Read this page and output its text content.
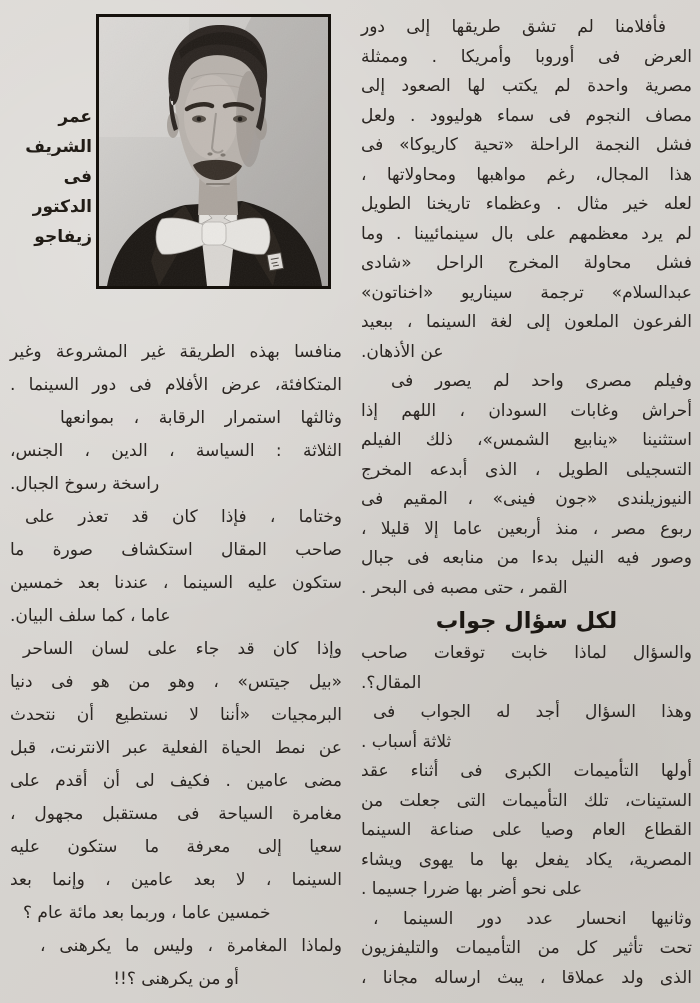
عمر
الشريف
فى
الدكتور
زيفاجو
منافسا بهذه الطريقة غير المشروعة وغير
المتكافئة، عرض الأفلام فى دور السينما .
وثالثها استمرار الرقابة ، بموانعها
الثلاثة : السياسة ، الدين ، الجنس،
راسخة رسوخ الجبال.
وختاما ، فإذا كان قد تعذر على
صاحب المقال استكشاف صورة ما
ستكون عليه السينما ، عندنا بعد خمسين
عاما ، كما سلف البيان.
وإذا كان قد جاء على لسان الساحر
«بيل جيتس» ، وهو من هو فى دنيا
البرمجيات «أننا لا نستطيع أن نتحدث
عن نمط الحياة الفعلية عبر الانترنت، قبل
مضى عامين . فكيف لى أن أقدم على
مغامرة السياحة فى مستقبل مجهول ،
سعيا إلى معرفة ما ستكون عليه
السينما ، لا بعد عامين ، وإنما بعد
خمسين عاما ، وربما بعد مائة عام ؟
ولماذا المغامرة ، وليس ما يكرهنى ،
أو من يكرهنى ؟!!
فأفلامنا لم تشق طريقها إلى دور
العرض فى أوروبا وأمريكا . وممثلة
مصرية واحدة لم يكتب لها الصعود إلى
مصاف النجوم فى سماء هوليوود . ولعل
فشل النجمة الراحلة «تحية كاريوكا» فى
هذا المجال، رغم مواهبها ومحاولاتها ،
لعله خير مثال . وعظماء تاريخنا الطويل
لم يرد معظمهم على بال سينمائيينا . وما
فشل محاولة المخرج الراحل «شادى
عبدالسلام» ترجمة سيناريو «اخناتون»
الفرعون الملعون إلى لغة السينما ، ببعيد
عن الأذهان.
وفيلم مصرى واحد لم يصور فى
أحراش وغابات السودان ، اللهم إذا
استثنينا «ينابيع الشمس»، ذلك الفيلم
التسجيلى الطويل ، الذى أبدعه المخرج
النيوزيلندى «جون فينى» ، المقيم فى
ربوع مصر ، منذ أربعين عاما إلا قليلا ،
وصور فيه النيل بدءا من منابعه فى جبال
القمر ، حتى مصبه فى البحر .
لكل سؤال جواب
والسؤال لماذا خابت توقعات صاحب
المقال؟.
وهذا السؤال أجد له الجواب فى
ثلاثة أسباب .
أولها التأميمات الكبرى فى أثناء عقد
الستينات، تلك التأميمات التى جعلت من
القطاع العام وصيا على صناعة السينما
المصرية، يكاد يفعل بها ما يهوى ويشاء
على نحو أضر بها ضررا جسيما .
وثانيها انحسار عدد دور السينما ،
تحت تأثير كل من التأميمات والتليفزيون
الذى ولد عملاقا ، يبث ارساله مجانا ،
